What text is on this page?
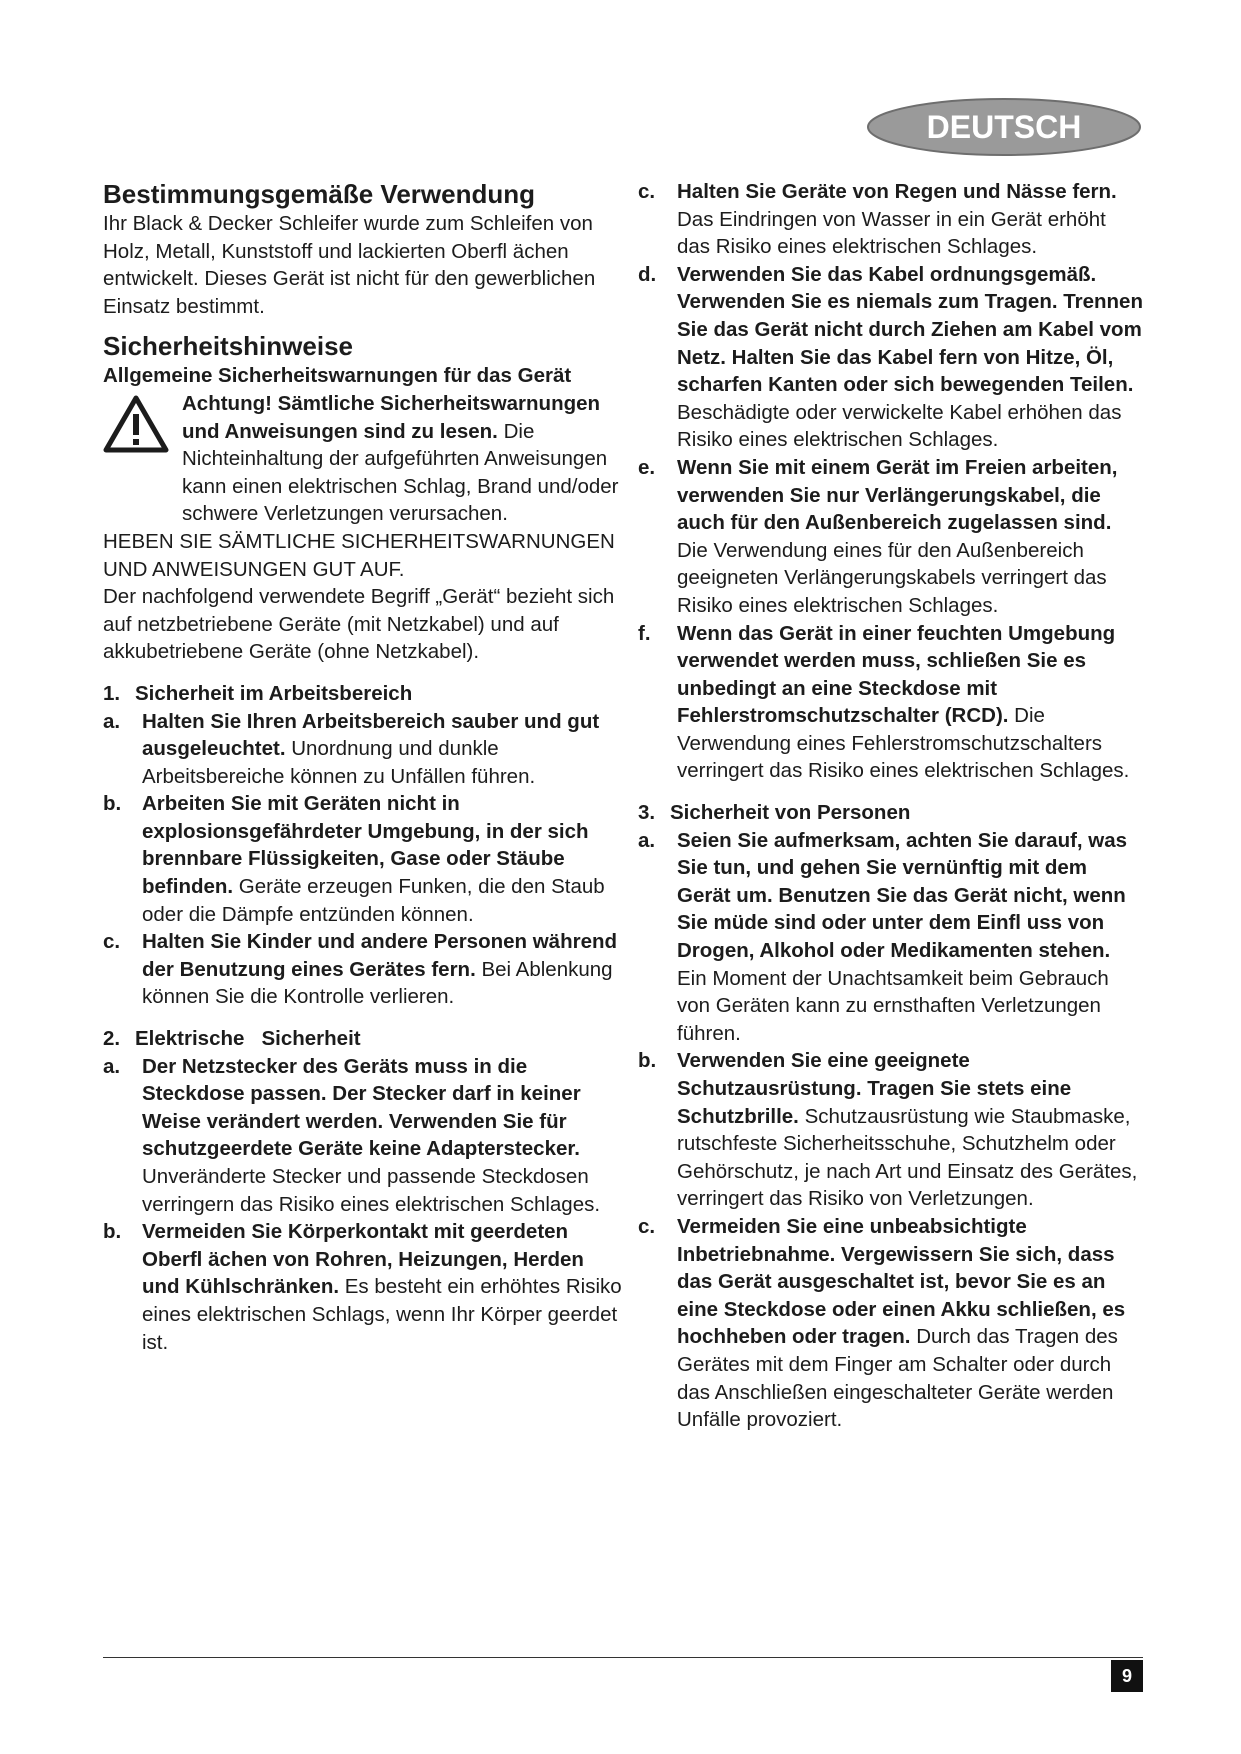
DEUTSCH
Bestimmungsgemäße Verwendung

Ihr Black & Decker Schleifer wurde zum Schleifen von Holz, Metall, Kunststoff und lackierten Oberfl ächen entwickelt. Dieses Gerät ist nicht für den gewerblichen Einsatz bestimmt.

Sicherheitshinweise
Allgemeine Sicherheitswarnungen für das Gerät

Achtung! Sämtliche Sicherheitswarnungen und Anweisungen sind zu lesen. Die Nichteinhaltung der aufgeführten Anweisungen kann einen elektrischen Schlag, Brand und/oder schwere Verletzungen verursachen.

HEBEN SIE SÄMTLICHE SICHERHEITSWARNUNGEN UND ANWEISUNGEN GUT AUF.

Der nachfolgend verwendete Begriff „Gerät“ bezieht sich auf netzbetriebene Geräte (mit Netzkabel) und auf akkubetriebene Geräte (ohne Netzkabel).

1. Sicherheit im Arbeitsbereich
a. Halten Sie Ihren Arbeitsbereich sauber und gut ausgeleuchtet. Unordnung und dunkle Arbeitsbereiche können zu Unfällen führen.
b. Arbeiten Sie mit Geräten nicht in explosionsgefährdeter Umgebung, in der sich brennbare Flüssigkeiten, Gase oder Stäube befinden. Geräte erzeugen Funken, die den Staub oder die Dämpfe entzünden können.
c. Halten Sie Kinder und andere Personen während der Benutzung eines Gerätes fern. Bei Ablenkung können Sie die Kontrolle verlieren.
2. Elektrische   Sicherheit
a. Der Netzstecker des Geräts muss in die Steckdose passen. Der Stecker darf in keiner Weise verändert werden. Verwenden Sie für schutzgeerdete Geräte keine Adapterstecker. Unveränderte Stecker und passende Steckdosen verringern das Risiko eines elektrischen Schlages.
b. Vermeiden Sie Körperkontakt mit geerdeten Oberfl ächen von Rohren, Heizungen, Herden und Kühlschränken. Es besteht ein erhöhtes Risiko eines elektrischen Schlags, wenn Ihr Körper geerdet ist.
c. Halten Sie Geräte von Regen und Nässe fern. Das Eindringen von Wasser in ein Gerät erhöht das Risiko eines elektrischen Schlages.
d. Verwenden Sie das Kabel ordnungsgemäß. Verwenden Sie es niemals zum Tragen. Trennen Sie das Gerät nicht durch Ziehen am Kabel vom Netz. Halten Sie das Kabel fern von Hitze, Öl, scharfen Kanten oder sich bewegenden Teilen. Beschädigte oder verwickelte Kabel erhöhen das Risiko eines elektrischen Schlages.
e. Wenn Sie mit einem Gerät im Freien arbeiten, verwenden Sie nur Verlängerungskabel, die auch für den Außenbereich zugelassen sind. Die Verwendung eines für den Außenbereich geeigneten Verlängerungskabels verringert das Risiko eines elektrischen Schlages.
f. Wenn das Gerät in einer feuchten Umgebung verwendet werden muss, schließen Sie es unbedingt an eine Steckdose mit Fehlerstromschutzschalter (RCD). Die Verwendung eines Fehlerstromschutzschalters verringert das Risiko eines elektrischen Schlages.
3. Sicherheit von Personen
a. Seien Sie aufmerksam, achten Sie darauf, was Sie tun, und gehen Sie vernünftig mit dem Gerät um. Benutzen Sie das Gerät nicht, wenn Sie müde sind oder unter dem Einfl uss von Drogen, Alkohol oder Medikamenten stehen. Ein Moment der Unachtsamkeit beim Gebrauch von Geräten kann zu ernsthaften Verletzungen führen.
b. Verwenden Sie eine geeignete Schutzausrüstung. Tragen Sie stets eine Schutzbrille. Schutzausrüstung wie Staubmaske, rutschfeste Sicherheitsschuhe, Schutzhelm oder Gehörschutz, je nach Art und Einsatz des Gerätes, verringert das Risiko von Verletzungen.
c. Vermeiden Sie eine unbeabsichtigte Inbetriebnahme. Vergewissern Sie sich, dass das Gerät ausgeschaltet ist, bevor Sie es an eine Steckdose oder einen Akku schließen, es hochheben oder tragen. Durch das Tragen des Gerätes mit dem Finger am Schalter oder durch das Anschließen eingeschalteter Geräte werden Unfälle provoziert.
9
